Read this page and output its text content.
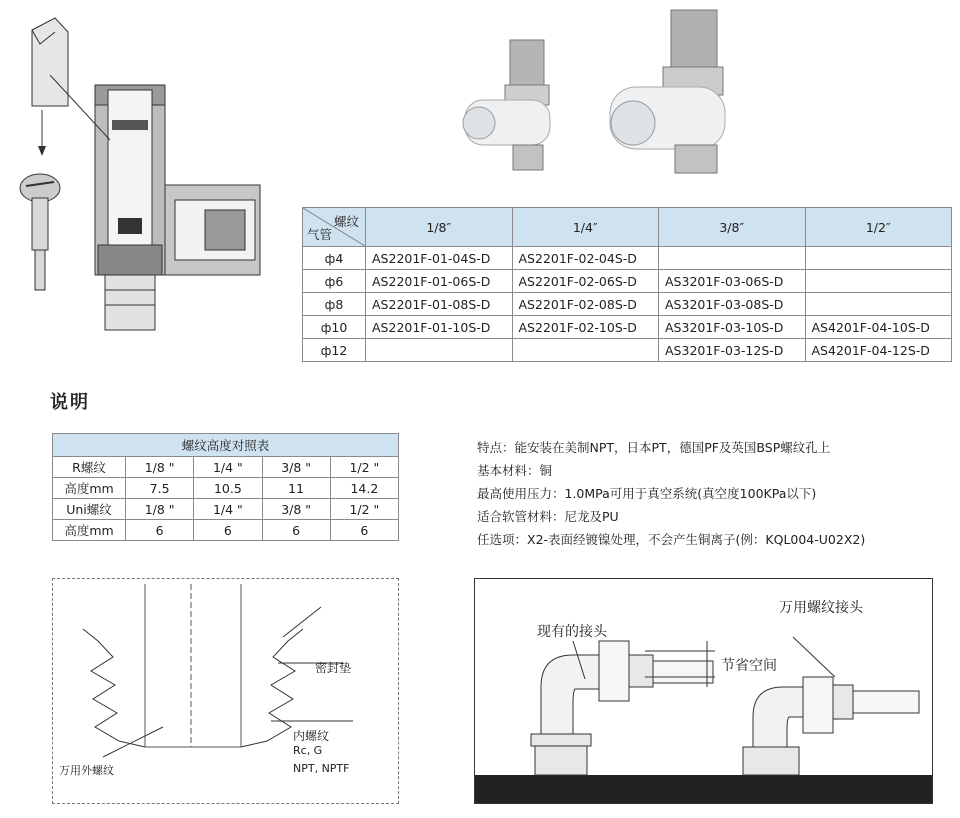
螺纹
气管	1/8″	1/4″	3/8″	1/2″
ф4	AS2201F-01-04S-D	AS2201F-02-04S-D		
ф6	AS2201F-01-06S-D	AS2201F-02-06S-D	AS3201F-03-06S-D	
ф8	AS2201F-01-08S-D	AS2201F-02-08S-D	AS3201F-03-08S-D	
ф10	AS2201F-01-10S-D	AS2201F-02-10S-D	AS3201F-03-10S-D	AS4201F-04-10S-D
ф12			AS3201F-03-12S-D	AS4201F-04-12S-D
说明
螺纹高度对照表				
R螺纹	1/8 "	1/4 "	3/8 "	1/2 "
高度mm	7.5	10.5	11	14.2
Uni螺纹	1/8 "	1/4 "	3/8 "	1/2 "
高度mm	6	6	6	6
特点：能安装在美制NPT，日本PT，德国PF及英国BSP螺纹孔上
基本材料：铜
最高使用压力：1.0MPa可用于真空系统(真空度100KPa以下)
适合软管材料：尼龙及PU
任选项：X2-表面经镀镍处理，不会产生铜离子(例：KQL004-U02X2)
密封垫
内螺纹
Rc, G
NPT, NPTF
万用外螺纹
万用螺纹接头
现有的接头
节省空间
